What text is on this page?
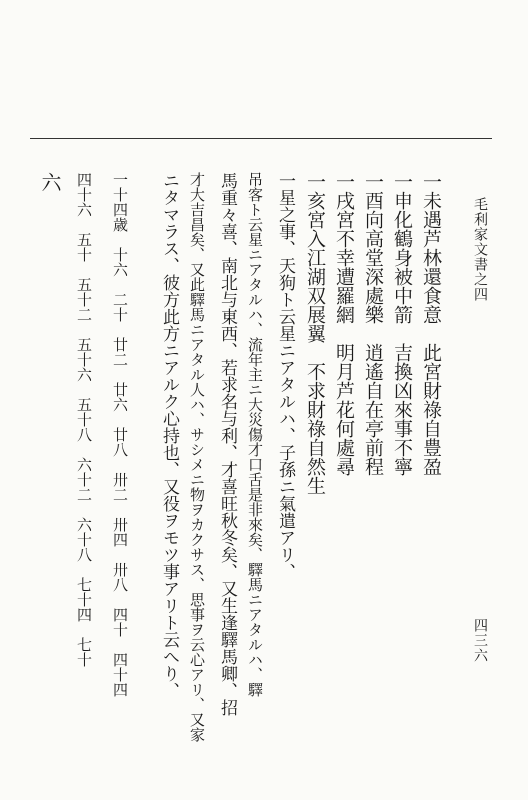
毛利家文書之四
四三六
一未遇芦林還食意　此宮財祿自豊盈
一申化鶴身被中箭　吉換凶來事不寧
一酉向高堂深處樂　逍遙自在亭前程
一戌宮不幸遭羅網　明月芦花何處尋
一亥宮入江湖双展翼　不求財祿自然生
一星之事、天狗ト云星ニアタルハ、子孫ニ氣遣アリ、
吊客ト云星ニアタルハ、流年主ニ大災傷才口舌是非來矣、驛馬ニアタルハ、驛
馬重々喜、南北与東西、若求名与利、才喜旺秋冬矣、又生逢驛馬卿、招
才大吉昌矣、又此驛馬ニアタル人ハ、サシメニ物ヲカクサス、思事ヲ云心アリ、又家
ニタマラス、彼方此方ニアルク心持也、又役ヲモツ事アリト云へり、
一十四歳　十六　二十　廿二　廿六　廿八　卅二　卅四　卅八　四十　四十四
四十六　五十　五十二　五十六　五十八　六十二　六十八　七十四　七十
六
